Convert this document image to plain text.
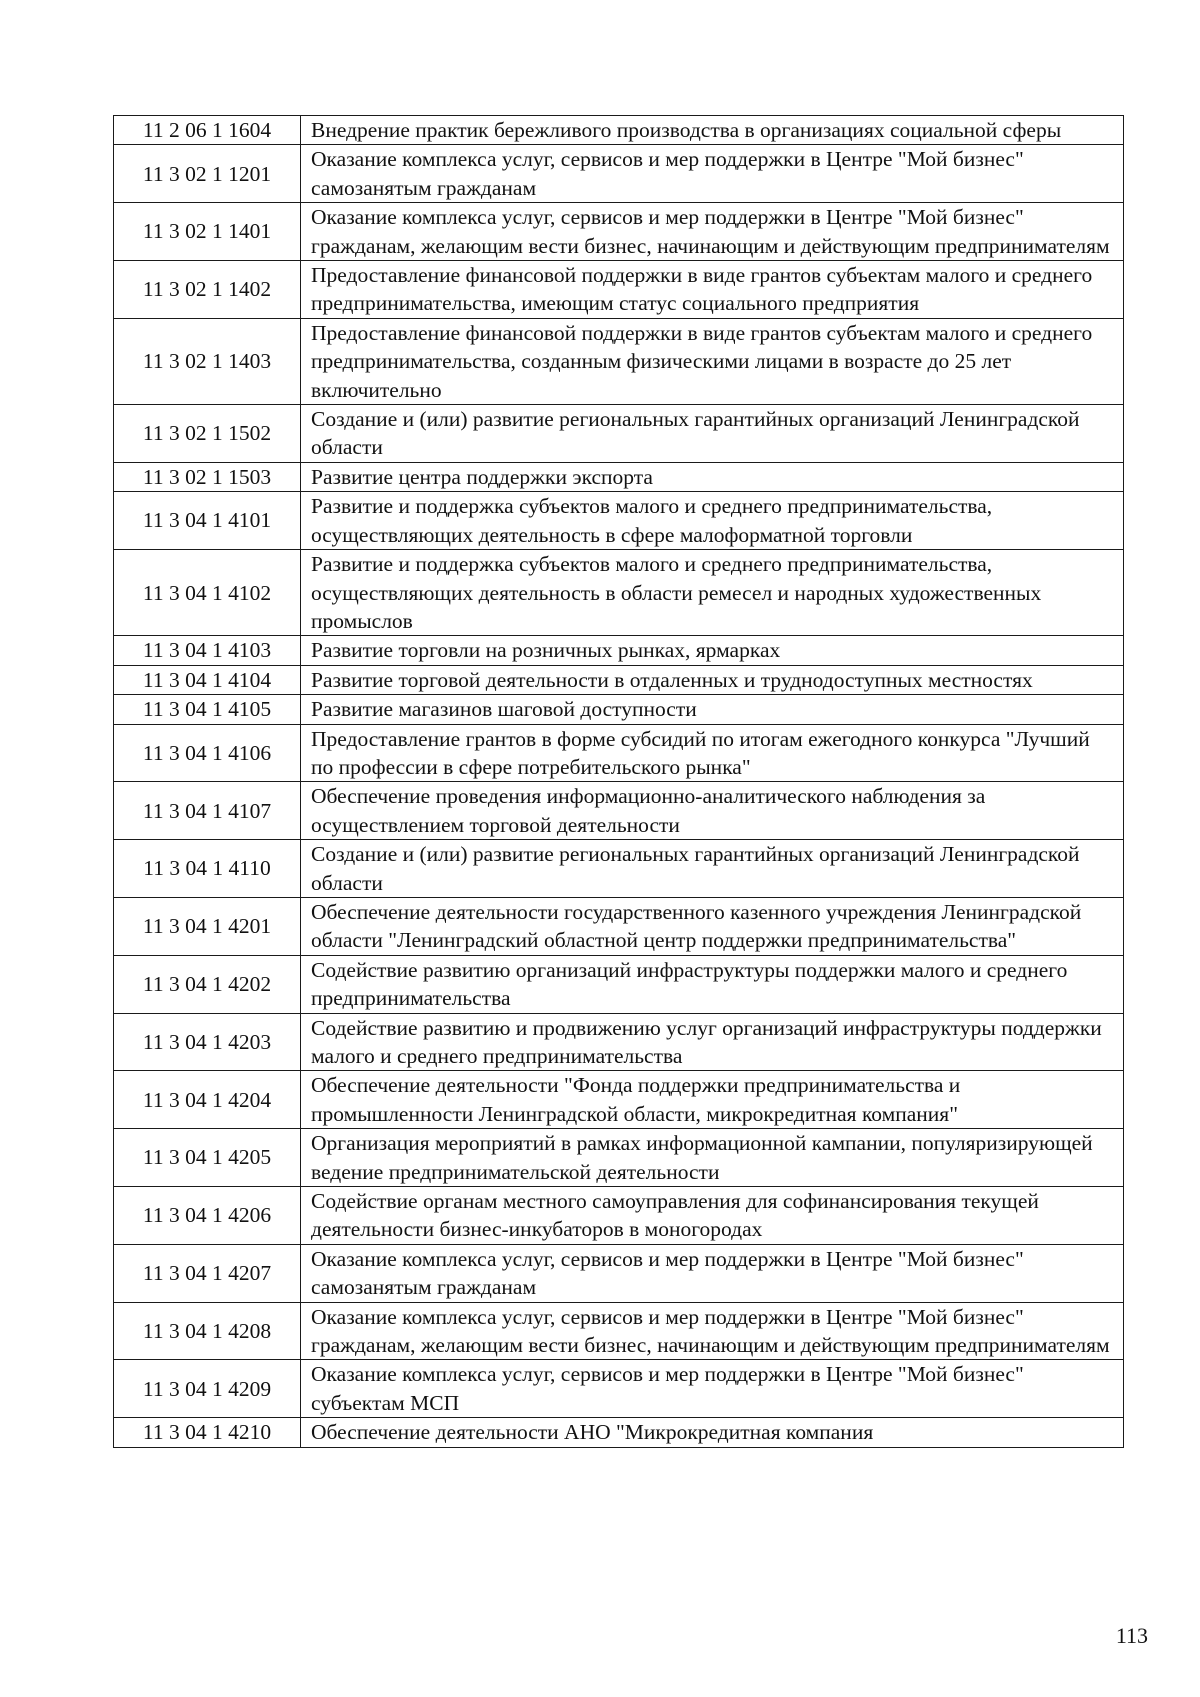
11 2 06 1 1604	Внедрение практик бережливого производства в организациях социальной сферы
11 3 02 1 1201	Оказание комплекса услуг, сервисов и мер поддержки в Центре "Мой бизнес" самозанятым гражданам
11 3 02 1 1401	Оказание комплекса услуг, сервисов и мер поддержки в Центре "Мой бизнес" гражданам, желающим вести бизнес, начинающим и действующим предпринимателям
11 3 02 1 1402	Предоставление финансовой поддержки в виде грантов субъектам малого и среднего предпринимательства, имеющим статус социального предприятия
11 3 02 1 1403	Предоставление финансовой поддержки в виде грантов субъектам малого и среднего предпринимательства, созданным физическими лицами в возрасте до 25 лет включительно
11 3 02 1 1502	Создание и (или) развитие региональных гарантийных организаций Ленинградской области
11 3 02 1 1503	Развитие центра поддержки экспорта
11 3 04 1 4101	Развитие и поддержка субъектов малого и среднего предпринимательства, осуществляющих деятельность в сфере малоформатной торговли
11 3 04 1 4102	Развитие и поддержка субъектов малого и среднего предпринимательства, осуществляющих деятельность в области ремесел и народных художественных промыслов
11 3 04 1 4103	Развитие торговли на розничных рынках, ярмарках
11 3 04 1 4104	Развитие торговой деятельности в отдаленных и труднодоступных местностях
11 3 04 1 4105	Развитие магазинов шаговой доступности
11 3 04 1 4106	Предоставление грантов в форме субсидий по итогам ежегодного конкурса "Лучший по профессии в сфере потребительского рынка"
11 3 04 1 4107	Обеспечение проведения информационно-аналитического наблюдения за осуществлением торговой деятельности
11 3 04 1 4110	Создание и (или) развитие региональных гарантийных организаций Ленинградской области
11 3 04 1 4201	Обеспечение деятельности государственного казенного учреждения Ленинградской области "Ленинградский областной центр поддержки предпринимательства"
11 3 04 1 4202	Содействие развитию организаций инфраструктуры поддержки малого и среднего предпринимательства
11 3 04 1 4203	Содействие развитию и продвижению услуг организаций инфраструктуры поддержки малого и среднего предпринимательства
11 3 04 1 4204	Обеспечение деятельности "Фонда поддержки предпринимательства и промышленности Ленинградской области, микрокредитная компания"
11 3 04 1 4205	Организация мероприятий в рамках информационной кампании, популяризирующей ведение предпринимательской деятельности
11 3 04 1 4206	Содействие органам местного самоуправления для софинансирования текущей деятельности бизнес-инкубаторов в моногородах
11 3 04 1 4207	Оказание комплекса услуг, сервисов и мер поддержки в Центре "Мой бизнес" самозанятым гражданам
11 3 04 1 4208	Оказание комплекса услуг, сервисов и мер поддержки в Центре "Мой бизнес" гражданам, желающим вести бизнес, начинающим и действующим предпринимателям
11 3 04 1 4209	Оказание комплекса услуг, сервисов и мер поддержки в Центре "Мой бизнес" субъектам МСП
11 3 04 1 4210	Обеспечение деятельности АНО "Микрокредитная компания
113
